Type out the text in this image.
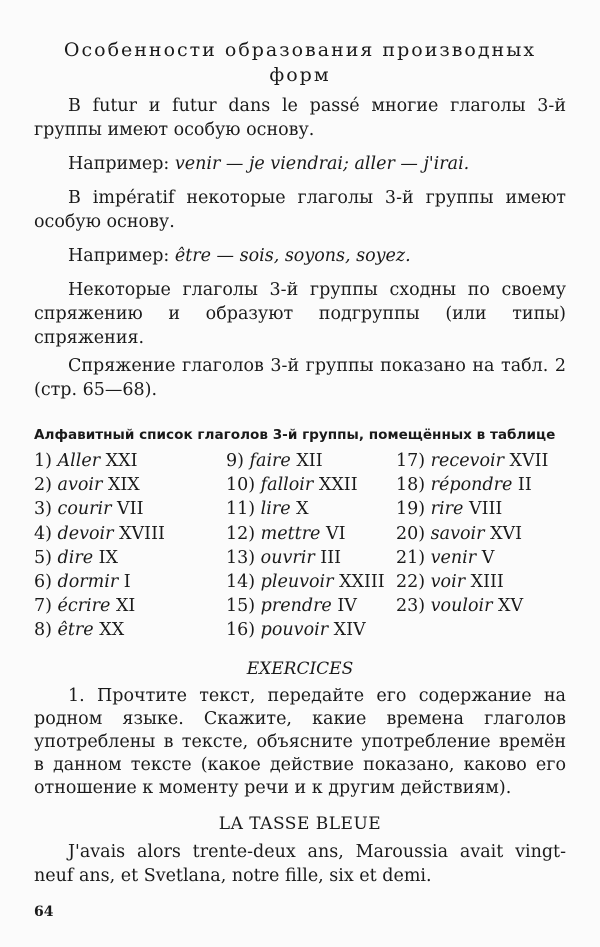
Особенности образования производных форм

В futur и futur dans le passé многие глаголы 3-й группы имеют особую основу.

Например: venir — je viendrai; aller — j'irai.

В impératif некоторые глаголы 3-й группы имеют особую основу.

Например: être — sois, soyons, soyez.

Некоторые глаголы 3-й группы сходны по своему спряжению и образуют подгруппы (или типы) спряжения.

Спряжение глаголов 3-й группы показано на табл. 2 (стр. 65—68).

Алфавитный список глаголов 3-й группы, помещённых в таблице
1) Aller XXI
2) avoir XIX
3) courir VII
4) devoir XVIII
5) dire IX
6) dormir I
7) écrire XI
8) être XX
9) faire XII
10) falloir XXII
11) lire X
12) mettre VI
13) ouvrir III
14) pleuvoir XXIII
15) prendre IV
16) pouvoir XIV
17) recevoir XVII
18) répondre II
19) rire VIII
20) savoir XVI
21) venir V
22) voir XIII
23) vouloir XV
EXERCICES

1. Прочтите текст, передайте его содержание на родном языке. Скажите, какие времена глаголов употреблены в тексте, объясните употребление времён в данном тексте (какое действие показано, каково его отношение к моменту речи и к другим действиям).

LA TASSE BLEUE

J'avais alors trente-deux ans, Maroussia avait vingt-neuf ans, et Svetlana, notre fille, six et demi.

64
